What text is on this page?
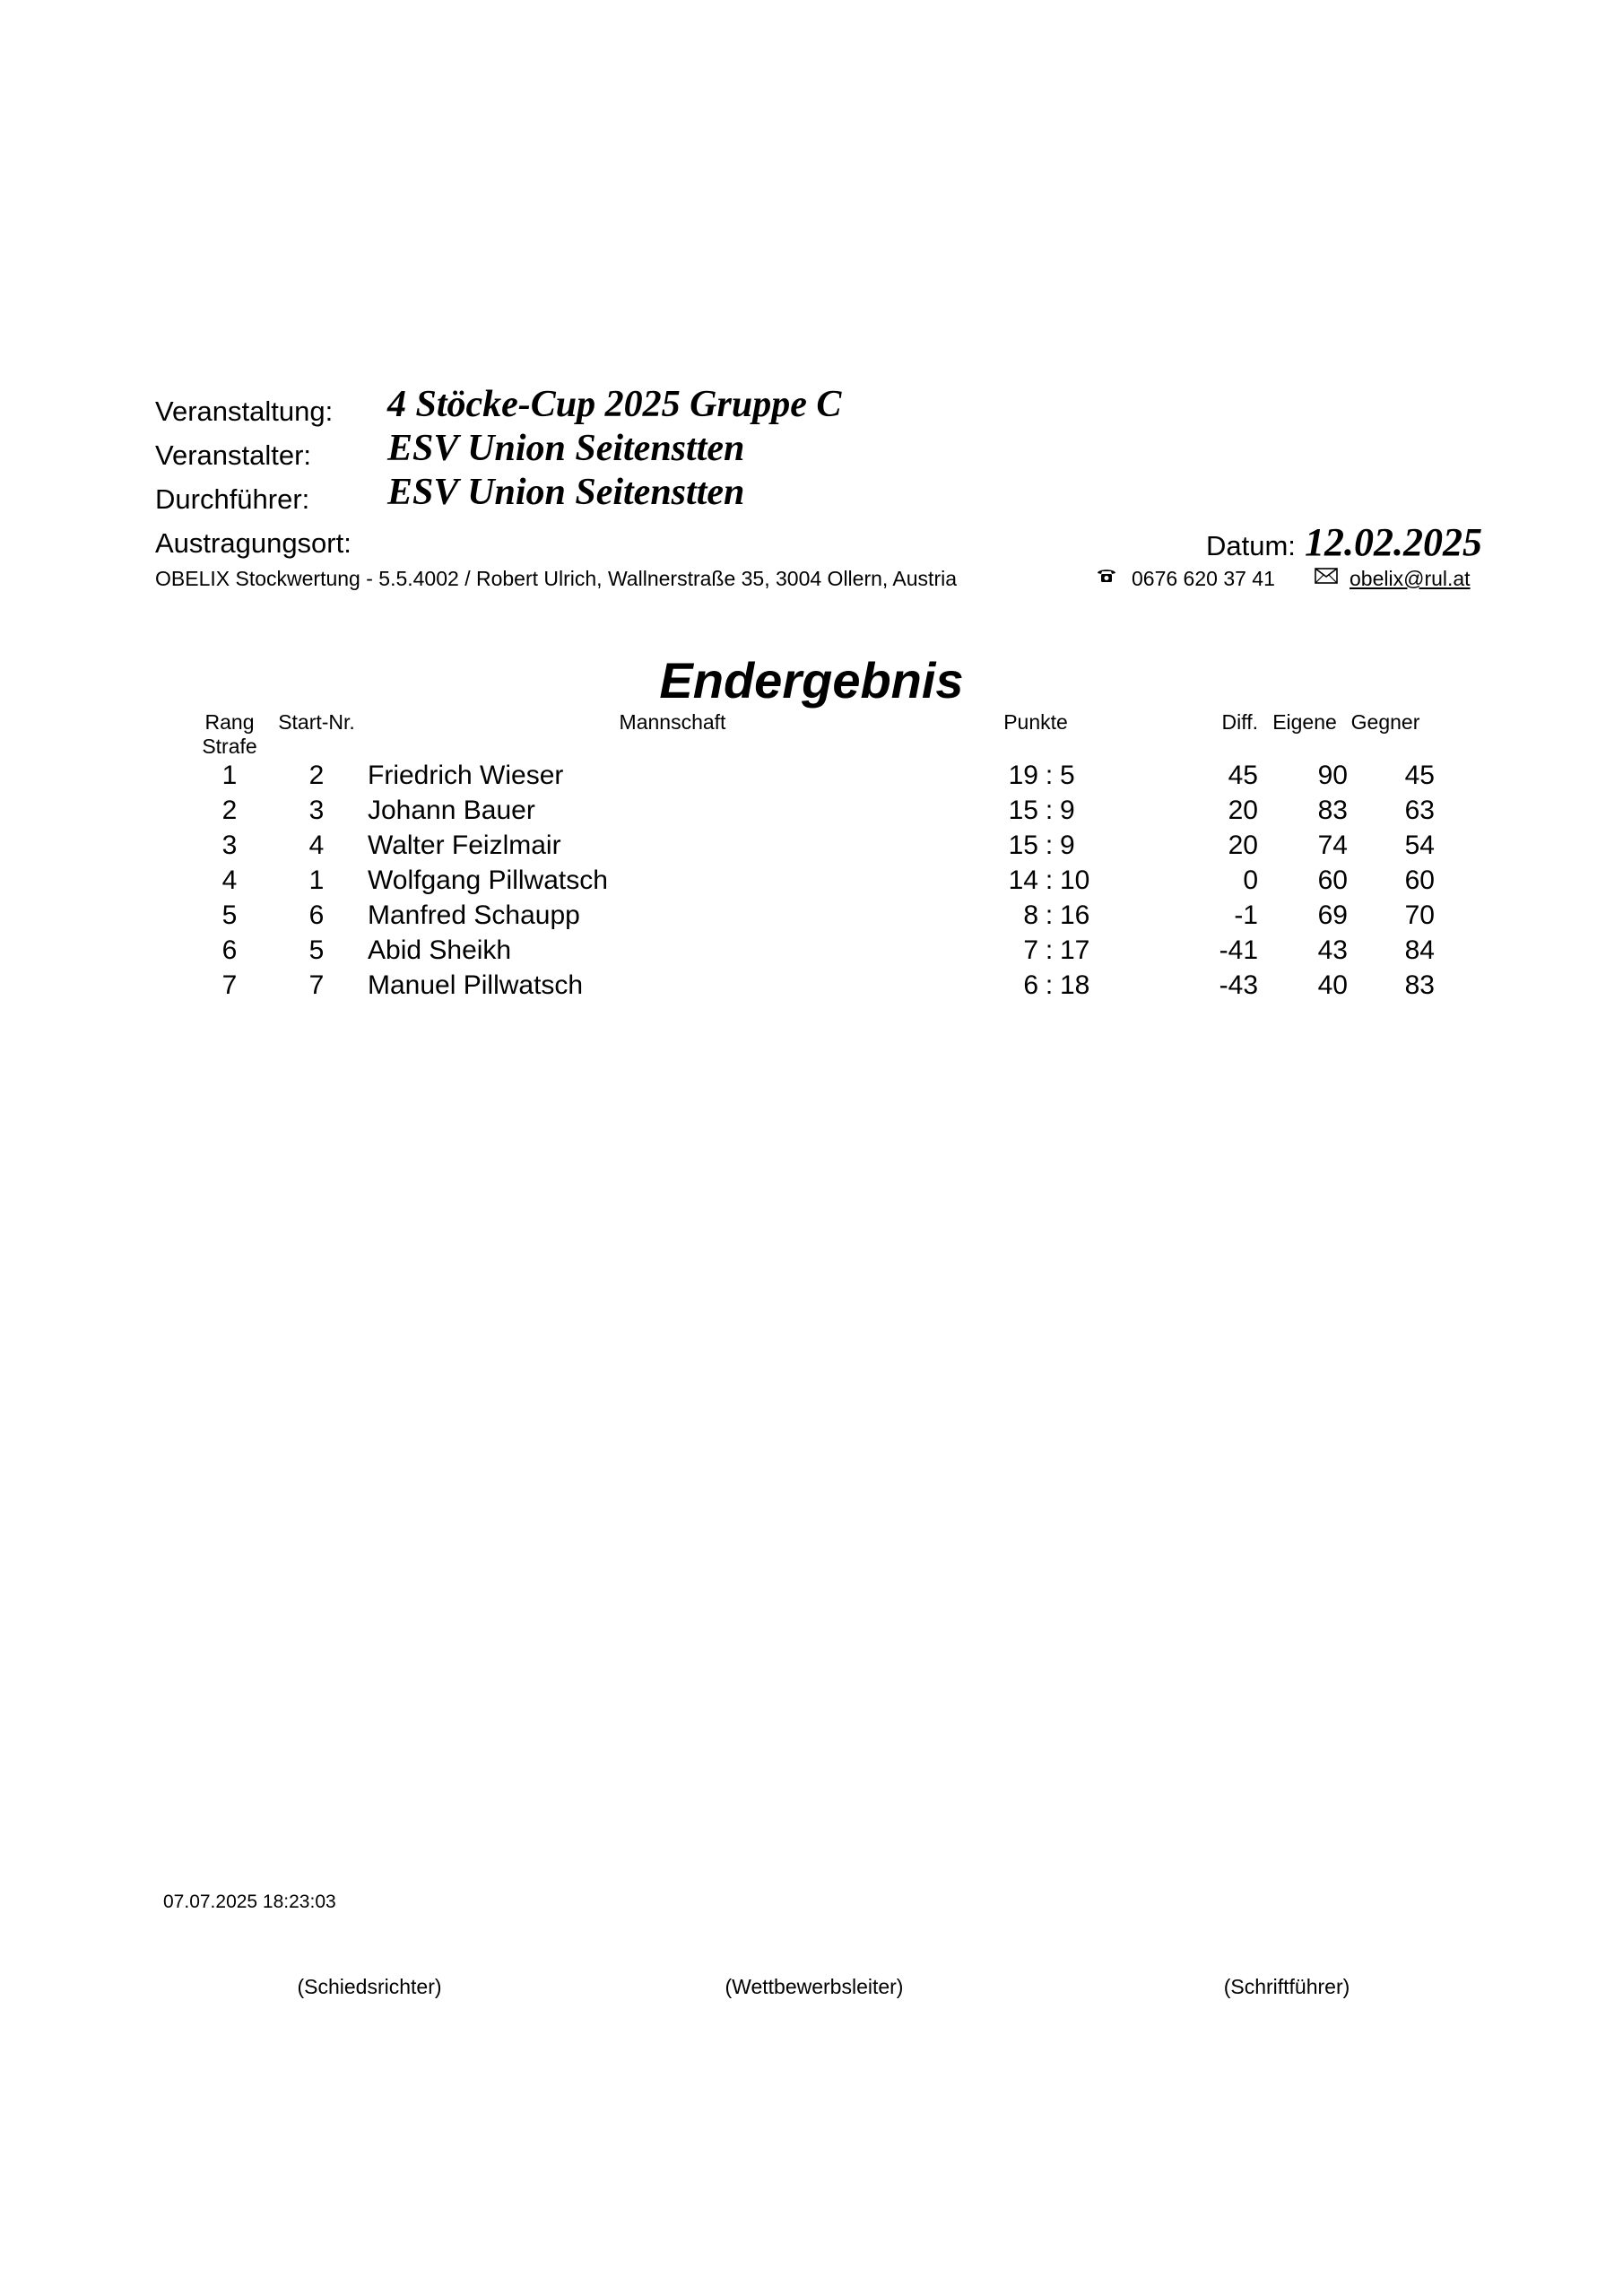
Veranstaltung: 4 Stöcke-Cup 2025 Gruppe C
Veranstalter: ESV Union Seitenstten
Durchführer: ESV Union Seitenstten
Austragungsort:	Datum: 12.02.2025
OBELIX Stockwertung - 5.5.4002 / Robert Ulrich, Wallnerstraße 35, 3004 Ollern, Austria	0676 620 37 41	obelix@rul.at
Endergebnis
Rang
Strafe
Start-Nr.	Mannschaft	Punkte	Diff. Eigene Gegner
1	2	Friedrich Wieser	19 : 5	45	90	45
2	3	Johann Bauer	15 : 9	20	83	63
3	4	Walter Feizlmair	15 : 9	20	74	54
4	1	Wolfgang Pillwatsch	14 : 10	0	60	60
5	6	Manfred Schaupp	8 : 16	-1	69	70
6	5	Abid Sheikh	7 : 17	-41	43	84
7	7	Manuel Pillwatsch	6 : 18	-43	40	83
07.07.2025 18:23:03
(Schiedsrichter)	(Wettbewerbsleiter)	(Schriftführer)
